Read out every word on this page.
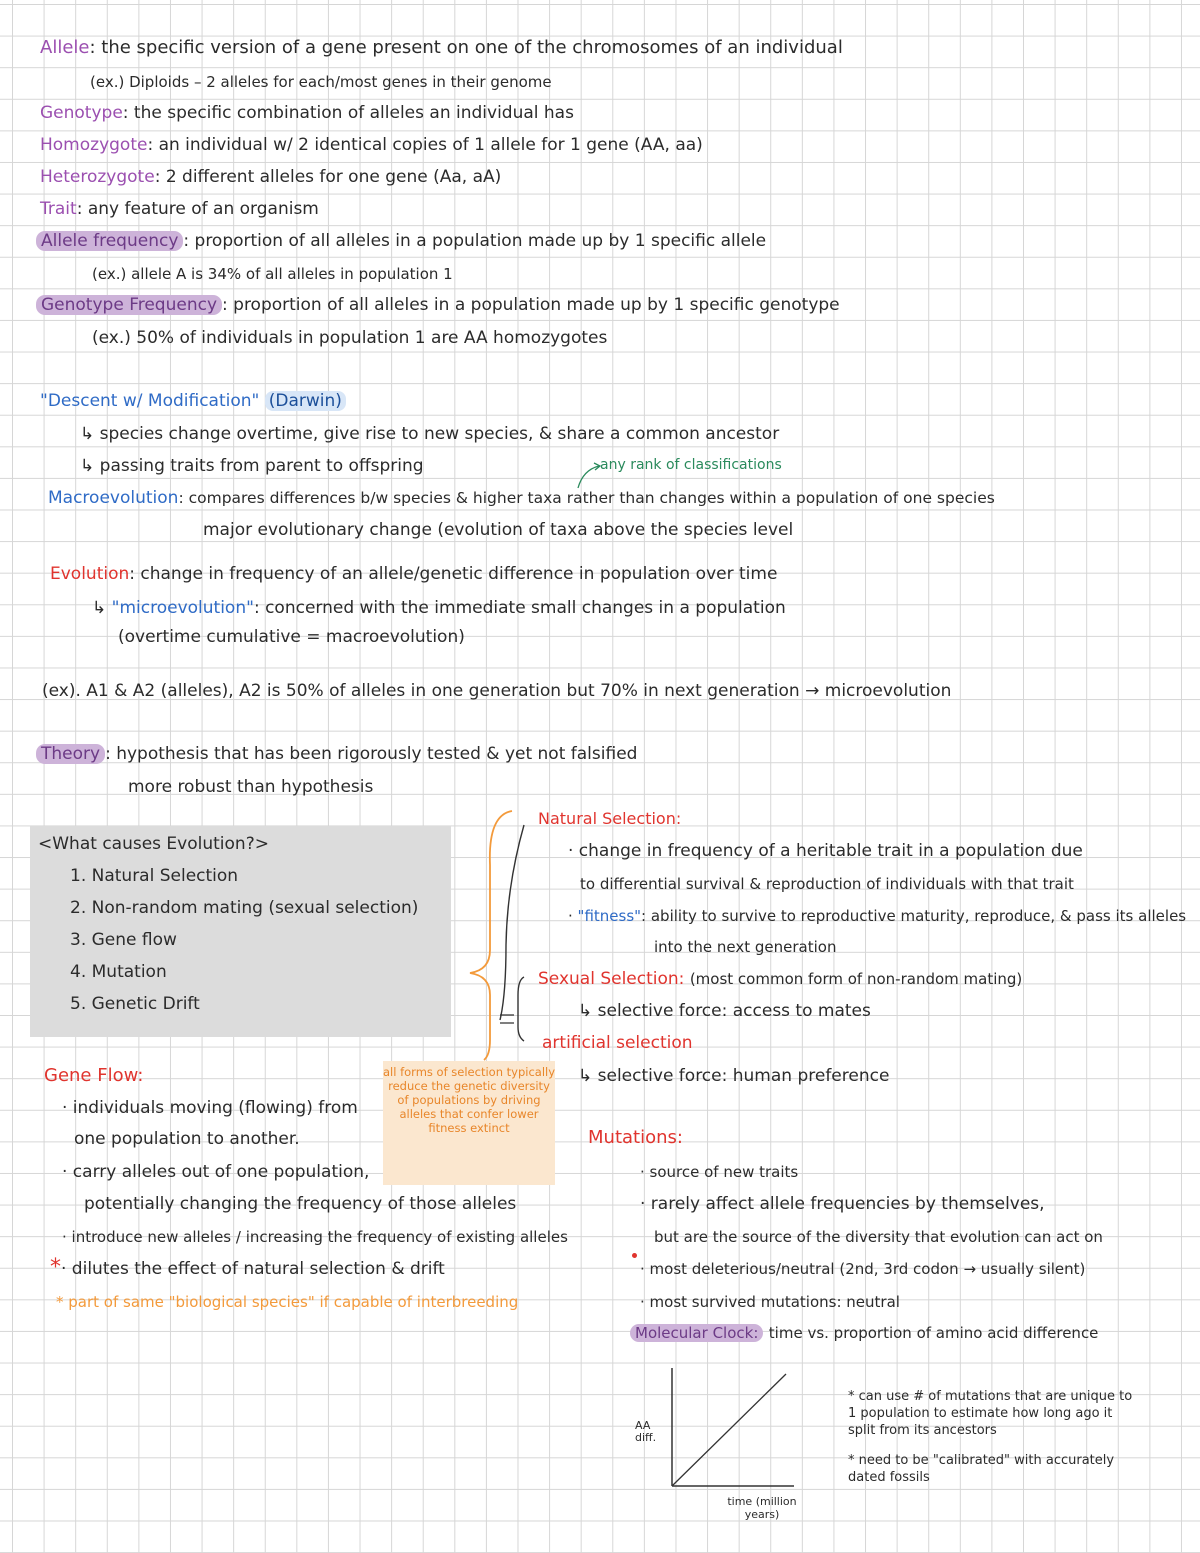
Allele: the specific version of a gene present on one of the chromosomes of an individual
(ex.) Diploids – 2 alleles for each/most genes in their genome
Genotype: the specific combination of alleles an individual has
Homozygote: an individual w/ 2 identical copies of 1 allele for 1 gene (AA, aa)
Heterozygote: 2 different alleles for one gene (Aa, aA)
Trait: any feature of an organism
Allele frequency : proportion of all alleles in a population made up by 1 specific allele
(ex.) allele A is 34% of all alleles in population 1
Genotype Frequency : proportion of all alleles in a population made up by 1 specific genotype
(ex.) 50% of individuals in population 1 are AA homozygotes
"Descent w/ Modification" (Darwin)
↳ species change overtime, give rise to new species, & share a common ancestor
↳ passing traits from parent to offspring	any rank of classifications
Macroevolution: compares differences b/w species & higher taxa rather than changes within a population of one species
major evolutionary change (evolution of taxa above the species level
Evolution: change in frequency of an allele/genetic difference in population over time
↳ "microevolution": concerned with the immediate small changes in a population
(overtime cumulative = macroevolution)
(ex). A1 & A2 (alleles), A2 is 50% of alleles in one generation but 70% in next generation → microevolution
Theory : hypothesis that has been rigorously tested & yet not falsified
more robust than hypothesis
<What causes Evolution?>
1. Natural Selection
2. Non-random mating (sexual selection)
3. Gene flow
4. Mutation
5. Genetic Drift
Natural Selection:
· change in frequency of a heritable trait in a population due
to differential survival & reproduction of individuals with that trait
· "fitness": ability to survive to reproductive maturity, reproduce, & pass its alleles
into the next generation
Sexual Selection: (most common form of non-random mating)
↳ selective force: access to mates
artificial selection
↳ selective force: human preference
all forms of selection typically reduce the genetic diversity of populations by driving alleles that confer lower fitness extinct
Gene Flow:
· individuals moving (flowing) from
one population to another.
· carry alleles out of one population,
potentially changing the frequency of those alleles
· introduce new alleles / increasing the frequency of existing alleles
*· dilutes the effect of natural selection & drift
* part of same "biological species" if capable of interbreeding
Mutations:
· source of new traits
· rarely affect allele frequencies by themselves,
but are the source of the diversity that evolution can act on
· most deleterious/neutral (2nd, 3rd codon → usually silent)
· most survived mutations: neutral
Molecular Clock: time vs. proportion of amino acid difference
AA diff.
time (million years)
* can use # of mutations that are unique to 1 population to estimate how long ago it split from its ancestors
* need to be "calibrated" with accurately dated fossils
